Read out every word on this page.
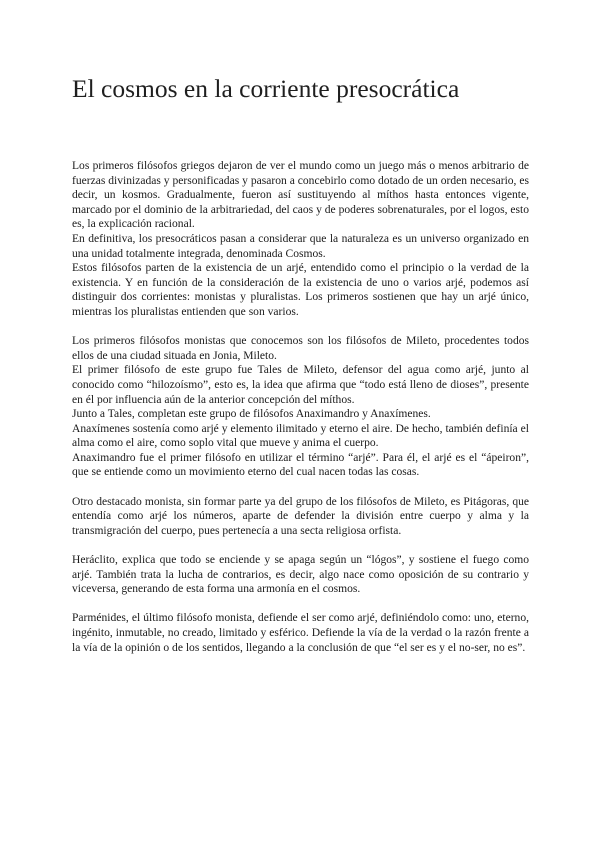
El cosmos en la corriente presocrática

Los primeros filósofos griegos dejaron de ver el mundo como un juego más o menos arbitrario de fuerzas divinizadas y personificadas y pasaron a concebirlo como dotado de un orden necesario, es decir, un kosmos. Gradualmente, fueron así sustituyendo al míthos hasta entonces vigente, marcado por el dominio de la arbitrariedad, del caos y de poderes sobrenaturales, por el logos, esto es, la explicación racional.

En definitiva, los presocráticos pasan a considerar que la naturaleza es un universo organizado en una unidad totalmente integrada, denominada Cosmos.

Estos filósofos parten de la existencia de un arjé, entendido como el principio o la verdad de la existencia. Y en función de la consideración de la existencia de uno o varios arjé, podemos así distinguir dos corrientes: monistas y pluralistas. Los primeros sostienen que hay un arjé único, mientras los pluralistas entienden que son varios.

Los primeros filósofos monistas que conocemos son los filósofos de Mileto, procedentes todos ellos de una ciudad situada en Jonia, Mileto.

El primer filósofo de este grupo fue Tales de Mileto, defensor del agua como arjé, junto al conocido como “hilozoísmo”, esto es, la idea que afirma que “todo está lleno de dioses”, presente en él por influencia aún de la anterior concepción del míthos.

Junto a Tales, completan este grupo de filósofos Anaximandro y Anaxímenes.

Anaxímenes sostenía como arjé y elemento ilimitado y eterno el aire. De hecho, también definía el alma como el aire, como soplo vital que mueve y anima el cuerpo.

Anaximandro fue el primer filósofo en utilizar el término “arjé”. Para él, el arjé es el “ápeiron”, que se entiende como un movimiento eterno del cual nacen todas las cosas.

Otro destacado monista, sin formar parte ya del grupo de los filósofos de Mileto, es Pitágoras, que entendía como arjé los números, aparte de defender la división entre cuerpo y alma y la transmigración del cuerpo, pues pertenecía a una secta religiosa orfista.

Heráclito, explica que todo se enciende y se apaga según un “lógos”, y sostiene el fuego como arjé. También trata la lucha de contrarios, es decir, algo nace como oposición de su contrario y viceversa, generando de esta forma una armonía en el cosmos.

Parménides, el último filósofo monista, defiende el ser como arjé, definiéndolo como: uno, eterno, ingénito, inmutable, no creado, limitado y esférico. Defiende la vía de la verdad o la razón frente a la vía de la opinión o de los sentidos, llegando a la conclusión de que “el ser es y el no-ser, no es”.
